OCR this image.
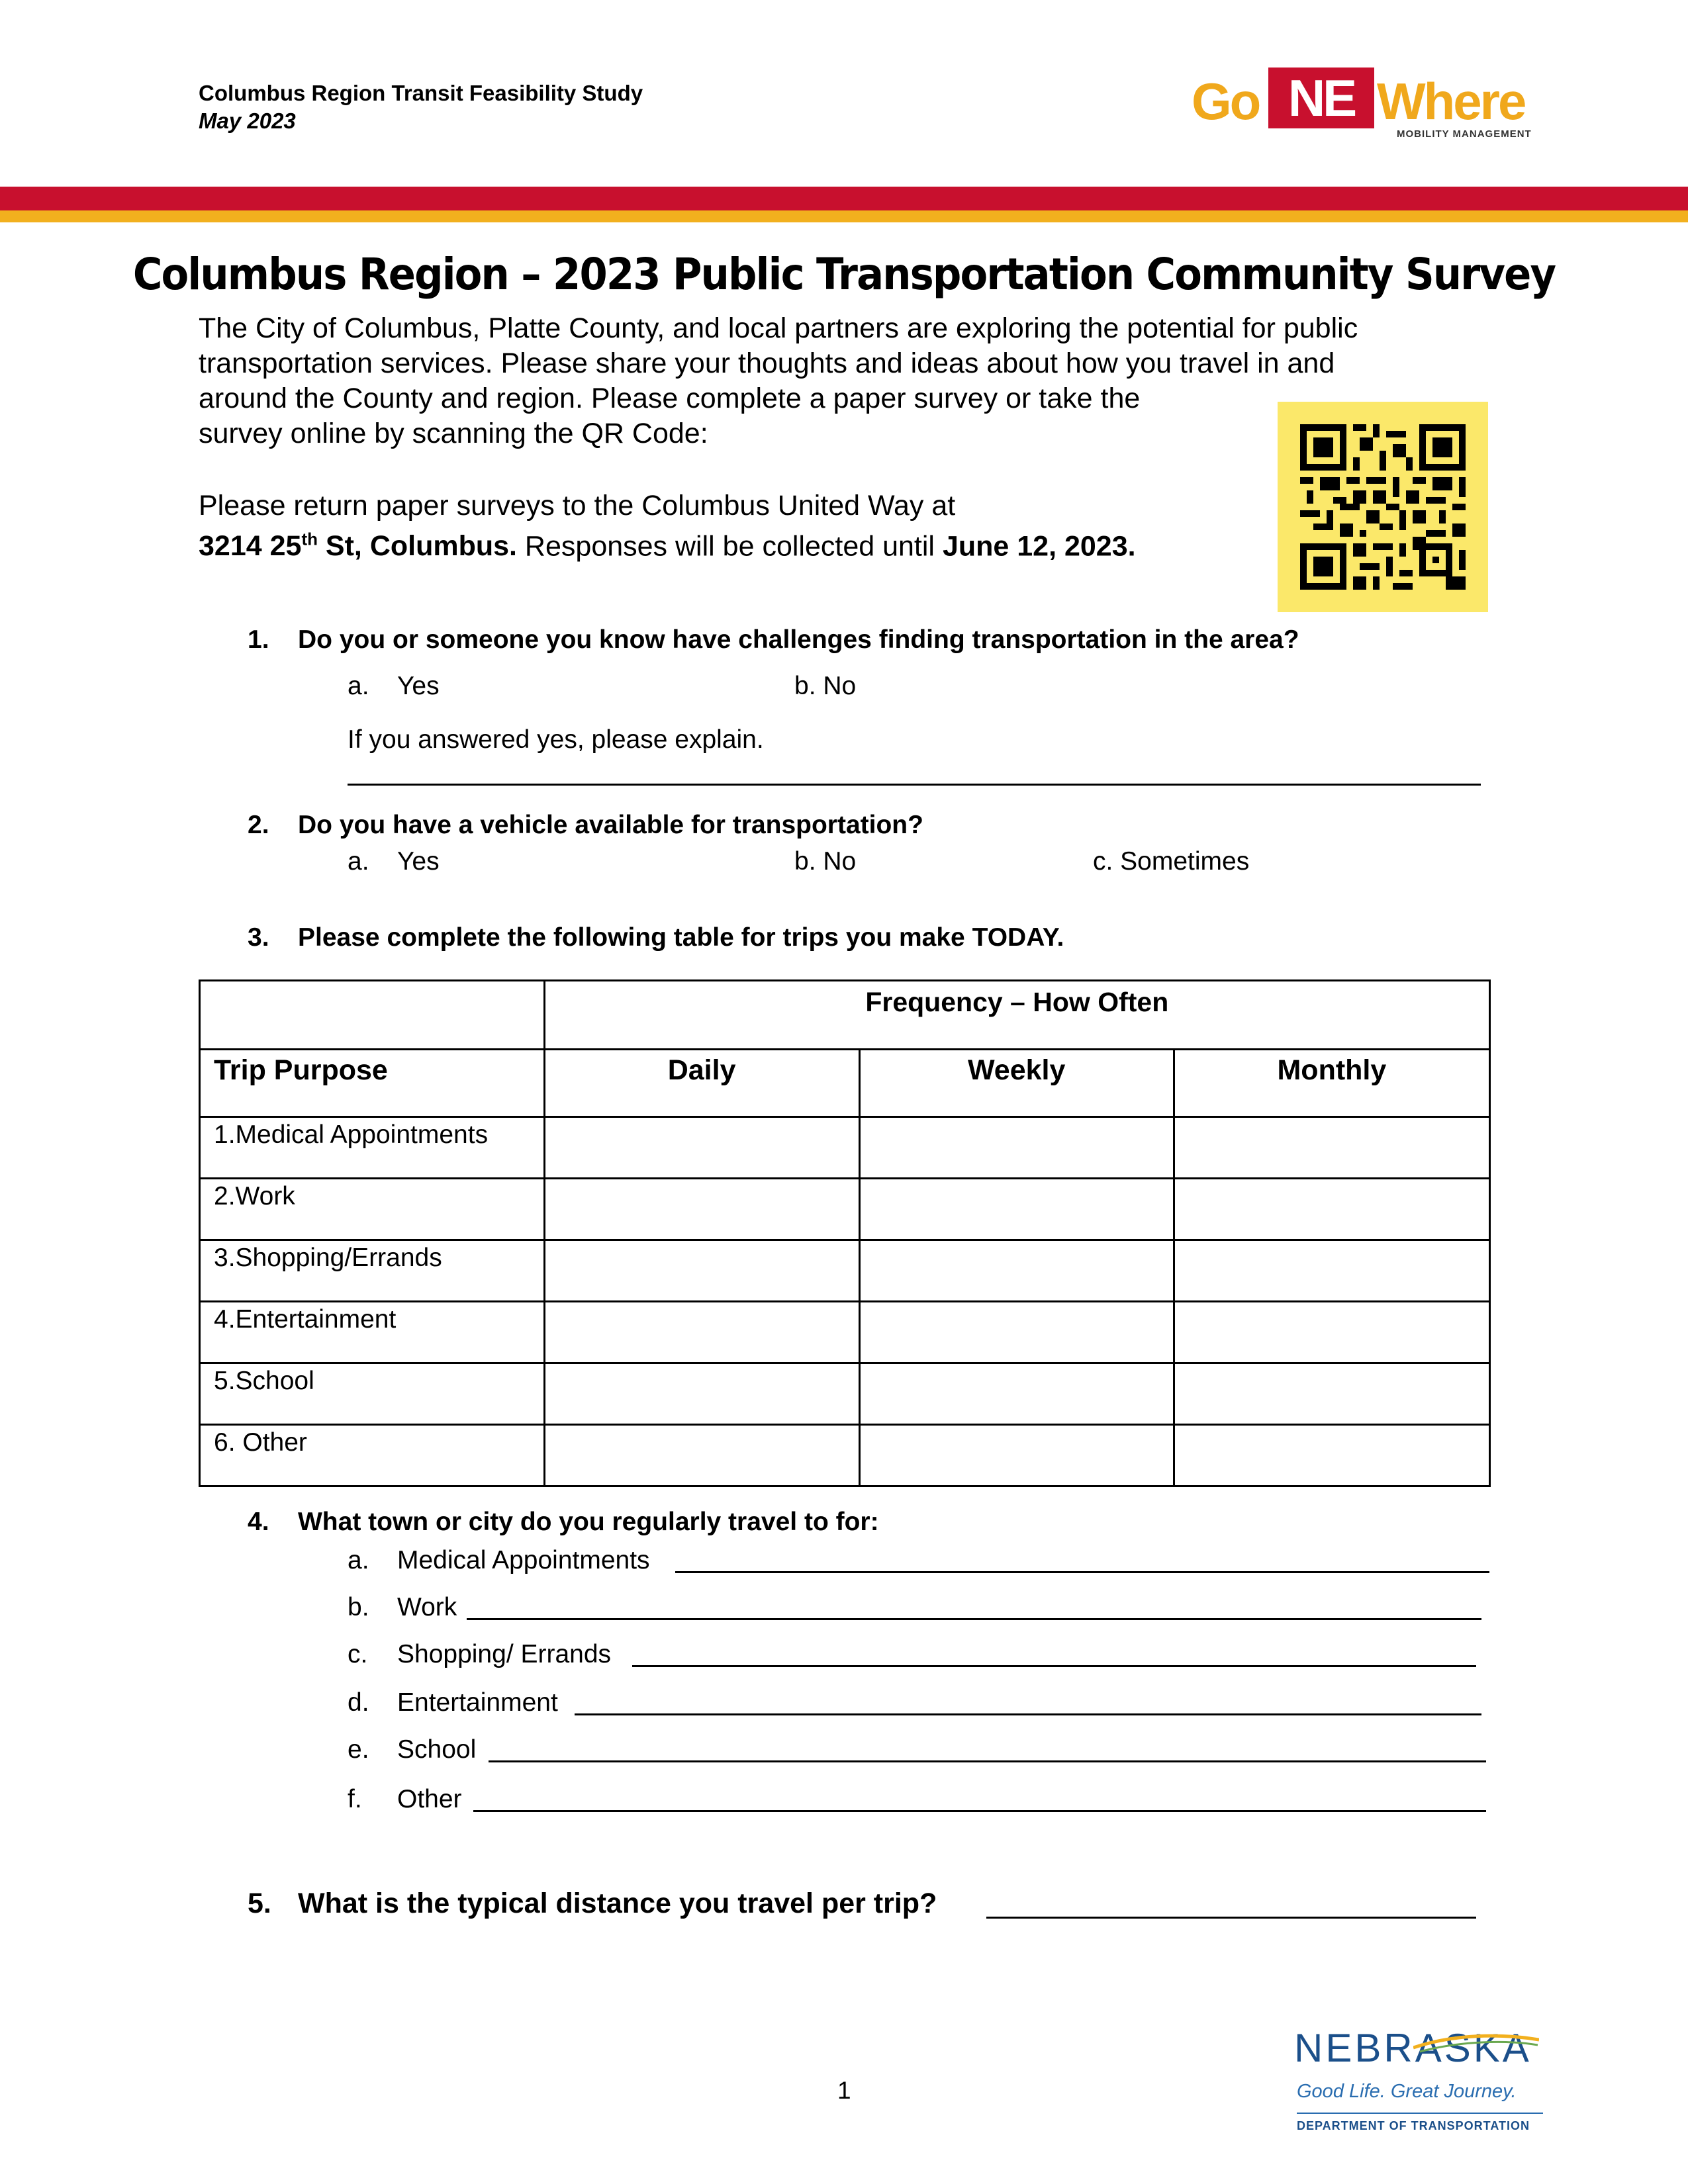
Columbus Region Transit Feasibility Study
May 2023	Go NE Where
MOBILITY MANAGEMENT
Columbus Region – 2023 Public Transportation Community Survey

The City of Columbus, Platte County, and local partners are exploring the potential for public

transportation services. Please share your thoughts and ideas about how you travel in and

around the County and region. Please complete a paper survey or take the

survey online by scanning the QR Code:

Please return paper surveys to the Columbus United Way at
3214 25th St, Columbus. Responses will be collected until June 12, 2023.
1. Do you or someone you know have challenges finding transportation in the area?
a. Yes	b. No
If you answered yes, please explain.
2. Do you have a vehicle available for transportation?
a. Yes	b. No	c. Sometimes
3. Please complete the following table for trips you make TODAY.
	Frequency – How Often		
Trip Purpose	Daily	Weekly	Monthly
1.Medical Appointments			
2.Work			
3.Shopping/Errands			
4.Entertainment			
5.School			
6. Other			
4. What town or city do you regularly travel to for:
a. Medical Appointments
b. Work
c. Shopping/ Errands
d. Entertainment
e. School
f. Other
5. What is the typical distance you travel per trip?
1
NEBRASKA
Good Life. Great Journey.
DEPARTMENT OF TRANSPORTATION
